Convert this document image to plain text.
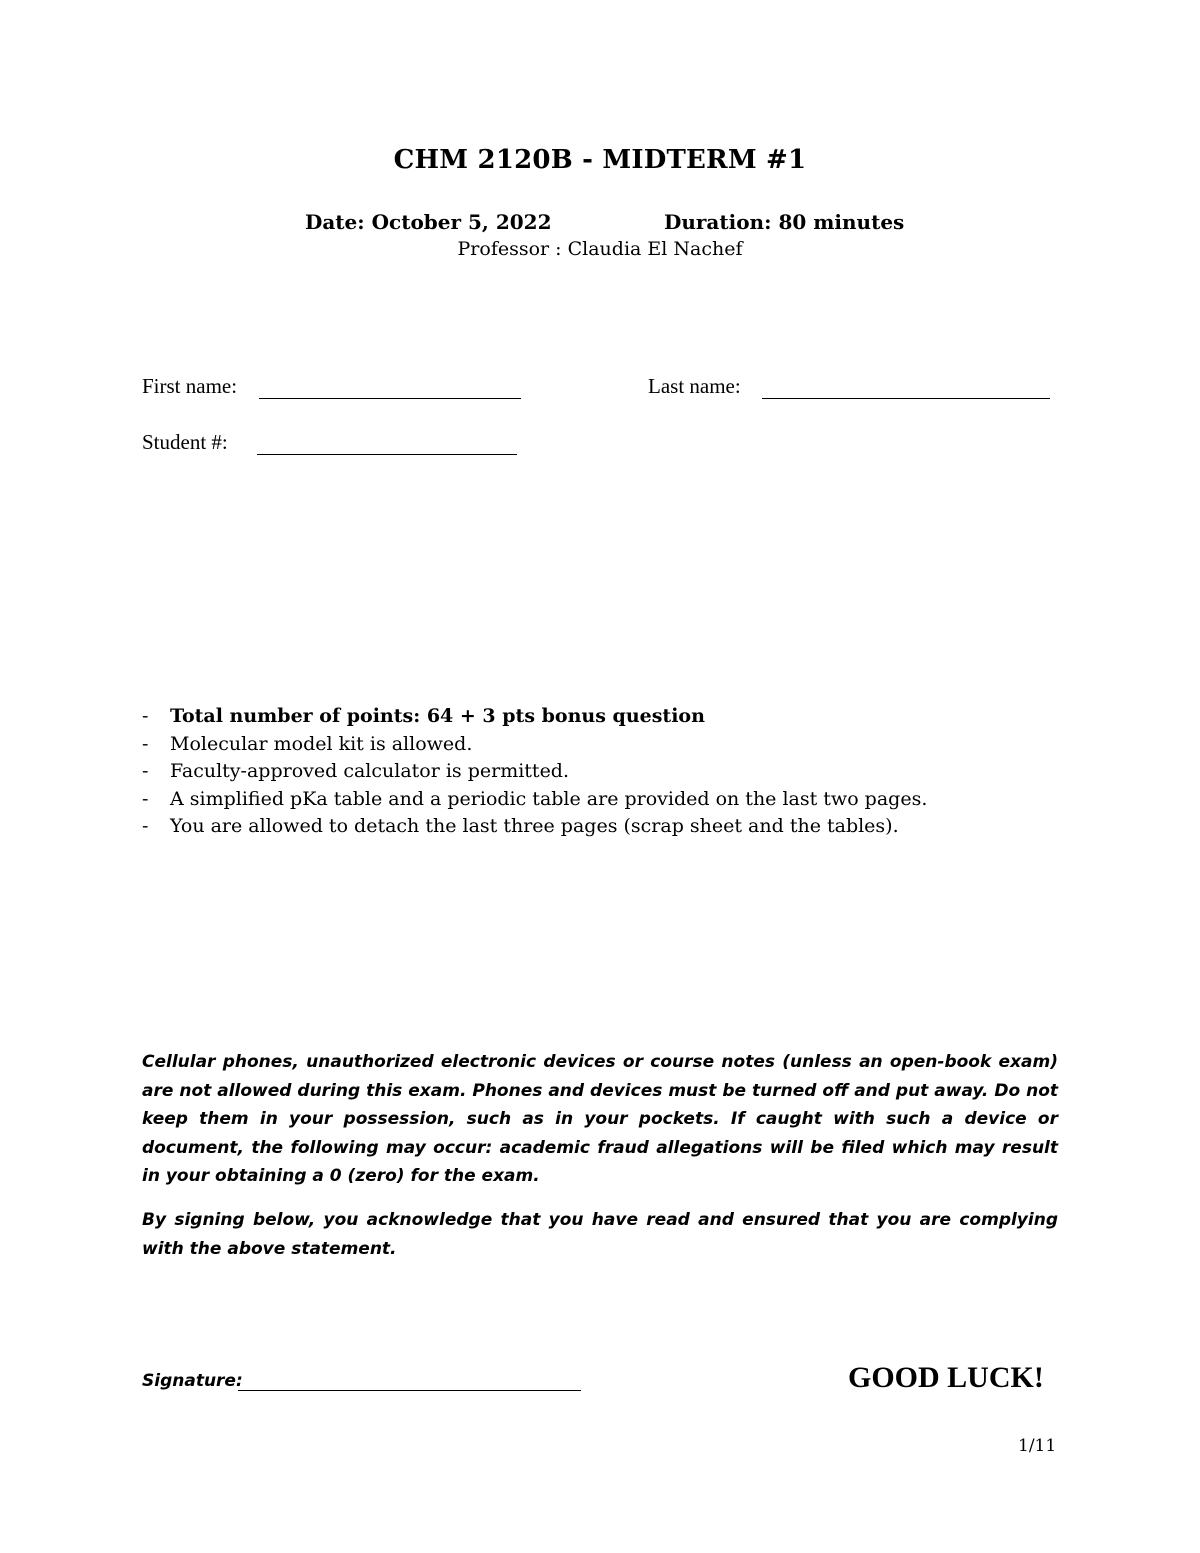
CHM 2120B - MIDTERM #1
Date: October 5, 2022	Duration: 80 minutes
Professor : Claudia El Nachef
First name:	Last name:
Student #:
-	Total number of points: 64 + 3 pts bonus question
-	Molecular model kit is allowed.
-	Faculty-approved calculator is permitted.
-	A simplified pKa table and a periodic table are provided on the last two pages.
-	You are allowed to detach the last three pages (scrap sheet and the tables).

Cellular phones, unauthorized electronic devices or course notes (unless an open-book exam) are not allowed during this exam. Phones and devices must be turned off and put away. Do not keep them in your possession, such as in your pockets. If caught with such a device or document, the following may occur: academic fraud allegations will be filed which may result in your obtaining a 0 (zero) for the exam.

By signing below, you acknowledge that you have read and ensured that you are complying with the above statement.

Signature:	GOOD LUCK!
1/11
